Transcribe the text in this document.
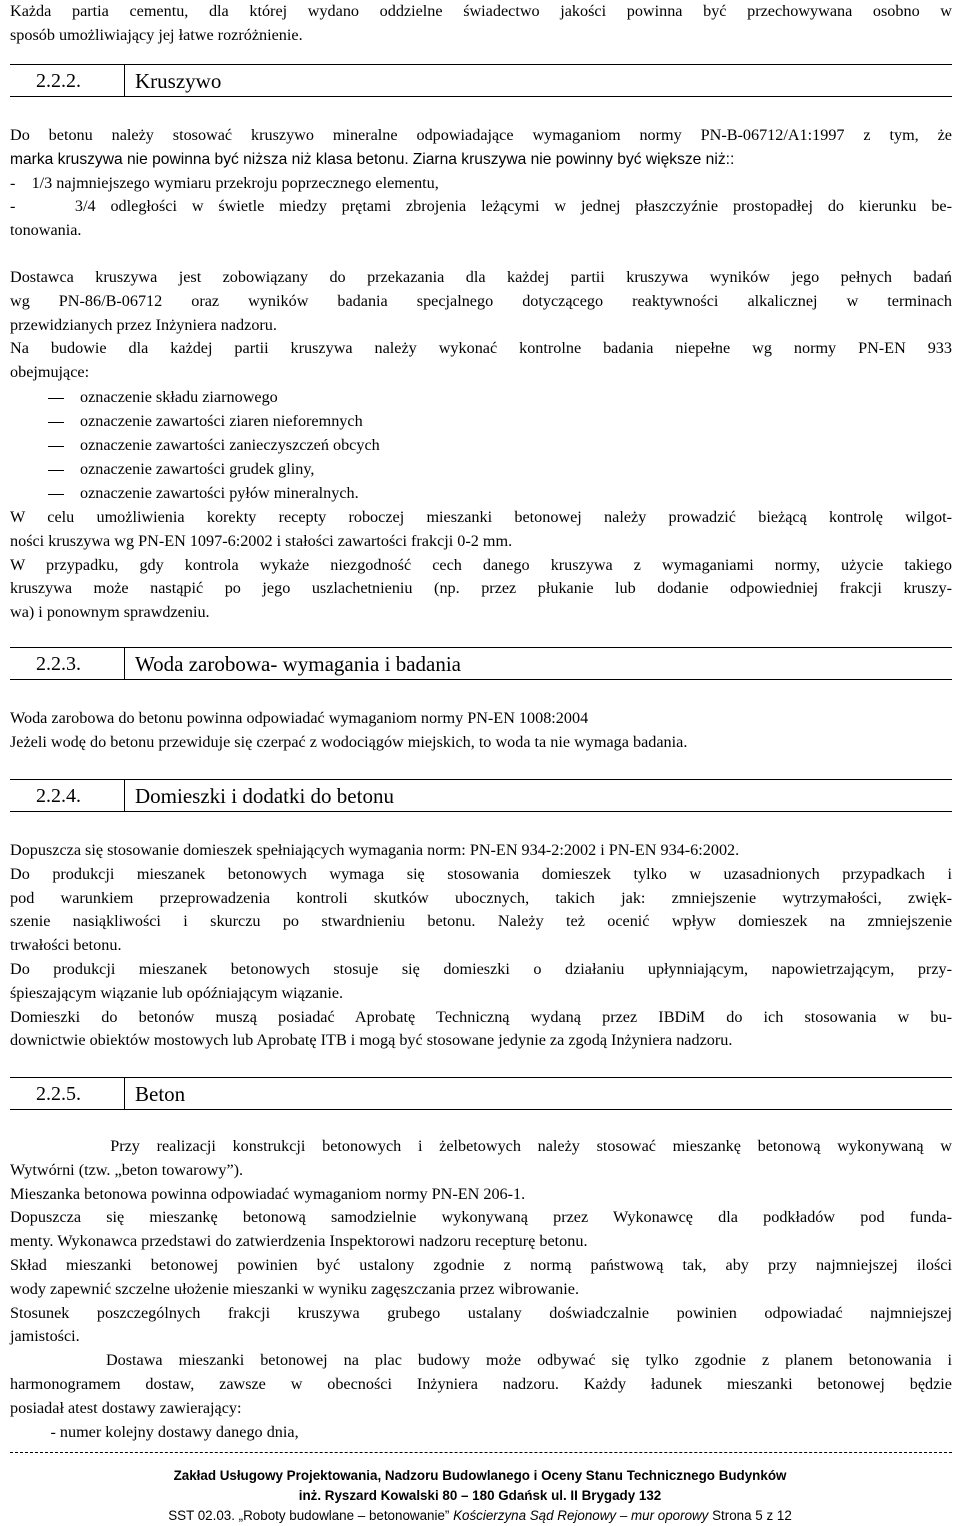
Każda partia cementu, dla której wydano oddzielne świadectwo jakości powinna być przechowywana osobno w
sposób umożliwiający jej łatwe rozróżnienie.
2.2.2.	Kruszywo
Do betonu należy stosować kruszywo mineralne odpowiadające wymaganiom normy PN-B-06712/A1:1997 z tym, że
marka kruszywa nie powinna być niższa niż klasa betonu. Ziarna kruszywa nie powinny być większe niż::
-    1/3 najmniejszego wymiaru przekroju poprzecznego elementu,
-    3/4 odległości w świetle miedzy prętami zbrojenia leżącymi w jednej płaszczyźnie prostopadłej do kierunku be-
tonowania.
Dostawca kruszywa jest zobowiązany do przekazania dla każdej partii kruszywa wyników jego pełnych badań
wg PN-86/B-06712 oraz wyników badania specjalnego dotyczącego reaktywności alkalicznej w terminach
przewidzianych przez Inżyniera nadzoru.
Na budowie dla każdej partii kruszywa należy wykonać kontrolne badania niepełne wg normy PN-EN 933
obejmujące:
oznaczenie składu ziarnowego
oznaczenie zawartości ziaren nieforemnych
oznaczenie zawartości zanieczyszczeń obcych
oznaczenie zawartości grudek gliny,
oznaczenie zawartości pyłów mineralnych.
W celu umożliwienia korekty recepty roboczej mieszanki betonowej należy prowadzić bieżącą kontrolę wilgot-
ności kruszywa wg PN-EN 1097-6:2002 i stałości zawartości frakcji 0-2 mm.
W przypadku, gdy kontrola wykaże niezgodność cech danego kruszywa z wymaganiami normy, użycie takiego
kruszywa może nastąpić po jego uszlachetnieniu (np. przez płukanie lub dodanie odpowiedniej frakcji kruszy-
wa) i ponownym sprawdzeniu.
2.2.3.	Woda zarobowa- wymagania i badania
Woda zarobowa do betonu powinna odpowiadać wymaganiom normy PN-EN 1008:2004
Jeżeli wodę do betonu przewiduje się czerpać z wodociągów miejskich, to woda ta nie wymaga badania.
2.2.4.	Domieszki i dodatki do betonu
Dopuszcza się stosowanie domieszek spełniających wymagania norm: PN-EN 934-2:2002 i PN-EN 934-6:2002.
Do produkcji mieszanek betonowych wymaga się stosowania domieszek tylko w uzasadnionych przypadkach i
pod warunkiem przeprowadzenia kontroli skutków ubocznych, takich jak: zmniejszenie wytrzymałości, zwięk-
szenie nasiąkliwości i skurczu po stwardnieniu betonu. Należy też ocenić wpływ domieszek na zmniejszenie
trwałości betonu.
Do produkcji mieszanek betonowych stosuje się domieszki o działaniu upłynniającym, napowietrzającym, przy-
śpieszającym wiązanie lub opóźniającym wiązanie.
Domieszki do betonów muszą posiadać Aprobatę Techniczną wydaną przez IBDiM do ich stosowania w bu-
downictwie obiektów mostowych lub Aprobatę ITB i mogą być stosowane jedynie za zgodą Inżyniera nadzoru.
2.2.5.	Beton
Przy realizacji konstrukcji betonowych i żelbetowych należy stosować mieszankę betonową wykonywaną w
Wytwórni (tzw. „beton towarowy”).
Mieszanka betonowa powinna odpowiadać wymaganiom normy PN-EN 206-1.
Dopuszcza się mieszankę betonową samodzielnie wykonywaną przez Wykonawcę dla podkładów pod funda-
menty. Wykonawca przedstawi do zatwierdzenia Inspektorowi nadzoru recepturę betonu.
Skład mieszanki betonowej powinien być ustalony zgodnie z normą państwową tak, aby przy najmniejszej ilości
wody zapewnić szczelne ułożenie mieszanki w wyniku zagęszczania przez wibrowanie.
Stosunek poszczególnych frakcji kruszywa grubego ustalany doświadczalnie powinien odpowiadać najmniejszej
jamistości.
Dostawa mieszanki betonowej na plac budowy może odbywać się tylko zgodnie z planem betonowania i
harmonogramem dostaw, zawsze w obecności Inżyniera nadzoru. Każdy ładunek mieszanki betonowej będzie
posiadał atest dostawy zawierający:
- numer kolejny dostawy danego dnia,
Zakład Usługowy Projektowania, Nadzoru Budowlanego i Oceny Stanu Technicznego Budynków
inż. Ryszard Kowalski 80 – 180 Gdańsk ul. II Brygady 132
SST 02.03. „Roboty budowlane – betonowanie” Kościerzyna Sąd Rejonowy – mur oporowy Strona 5 z 12
